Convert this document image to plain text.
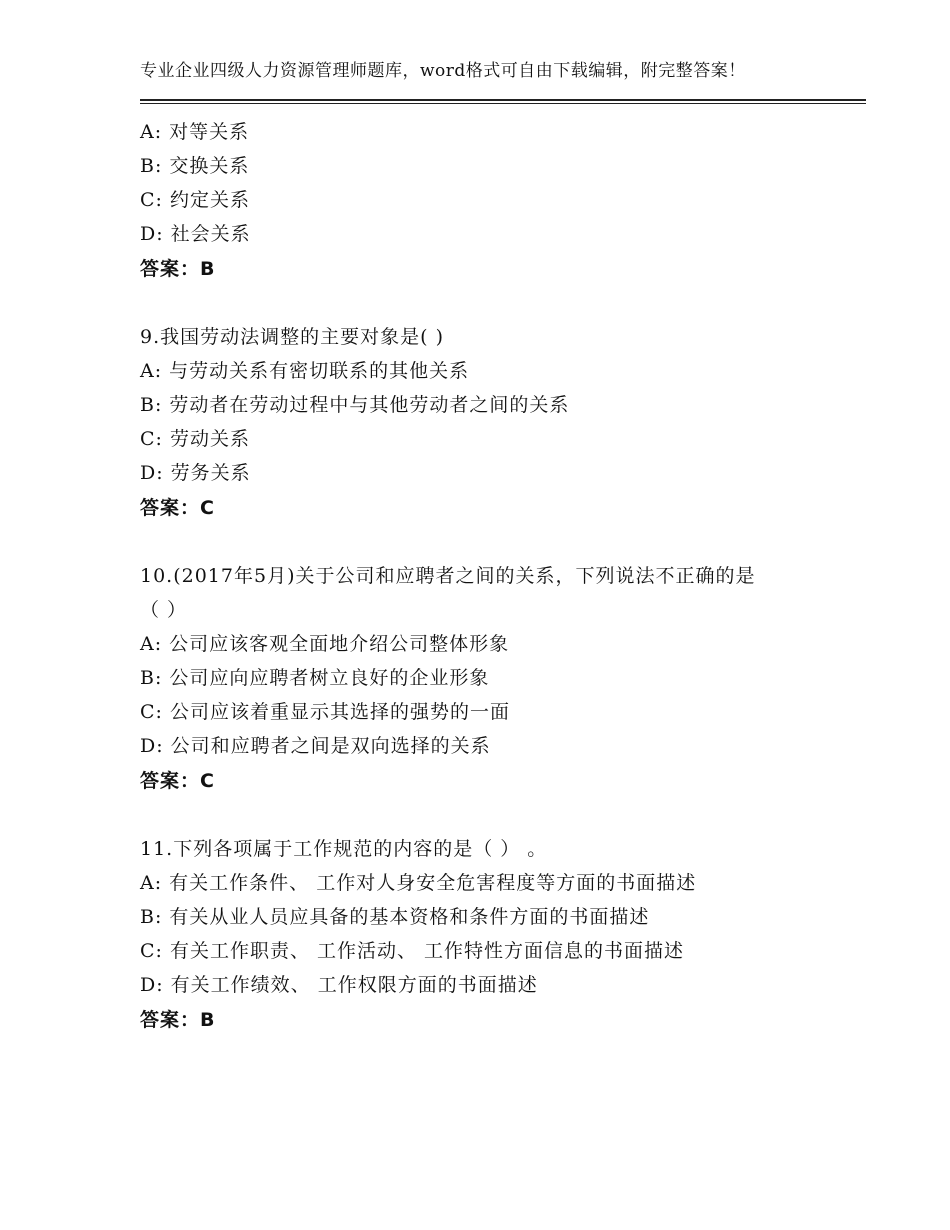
专业企业四级人力资源管理师题库，word格式可自由下载编辑，附完整答案！
A: 对等关系
B: 交换关系
C: 约定关系
D: 社会关系
答案：B
9.我国劳动法调整的主要对象是( )
A: 与劳动关系有密切联系的其他关系
B: 劳动者在劳动过程中与其他劳动者之间的关系
C: 劳动关系
D: 劳务关系
答案：C
10.(2017年5月)关于公司和应聘者之间的关系，下列说法不正确的是
（ ）
A: 公司应该客观全面地介绍公司整体形象
B: 公司应向应聘者树立良好的企业形象
C: 公司应该着重显示其选择的强势的一面
D: 公司和应聘者之间是双向选择的关系
答案：C
11.下列各项属于工作规范的内容的是（ ） 。
A: 有关工作条件、 工作对人身安全危害程度等方面的书面描述
B: 有关从业人员应具备的基本资格和条件方面的书面描述
C: 有关工作职责、 工作活动、 工作特性方面信息的书面描述
D: 有关工作绩效、 工作权限方面的书面描述
答案：B
